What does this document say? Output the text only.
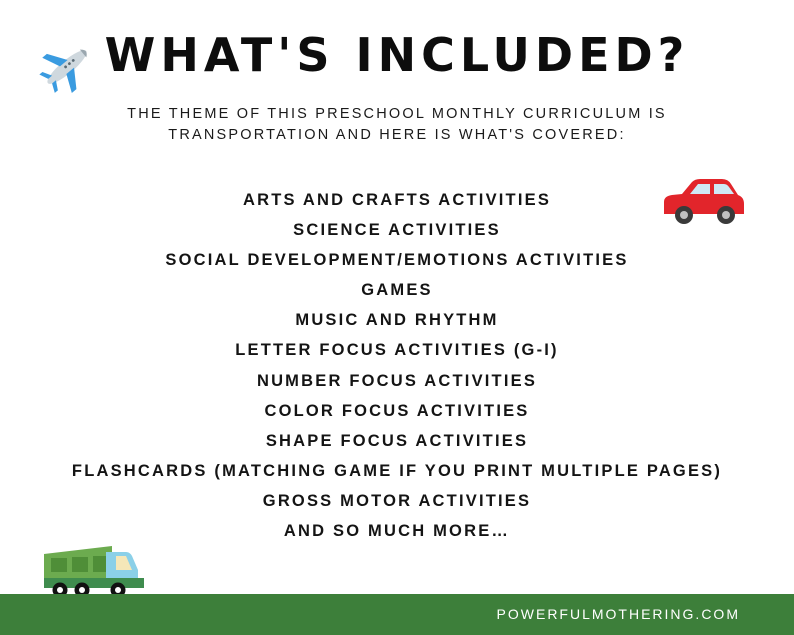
WHAT'S INCLUDED?
THE THEME OF THIS PRESCHOOL MONTHLY CURRICULUM IS
TRANSPORTATION AND HERE IS WHAT'S COVERED:
ARTS AND CRAFTS ACTIVITIES
SCIENCE ACTIVITIES
SOCIAL DEVELOPMENT/EMOTIONS ACTIVITIES
GAMES
MUSIC AND RHYTHM
LETTER FOCUS ACTIVITIES (G-I)
NUMBER FOCUS ACTIVITIES
COLOR FOCUS ACTIVITIES
SHAPE FOCUS ACTIVITIES
FLASHCARDS (MATCHING GAME IF YOU PRINT MULTIPLE PAGES)
GROSS MOTOR ACTIVITIES
AND SO MUCH MORE…
POWERFULMOTHERING.COM
